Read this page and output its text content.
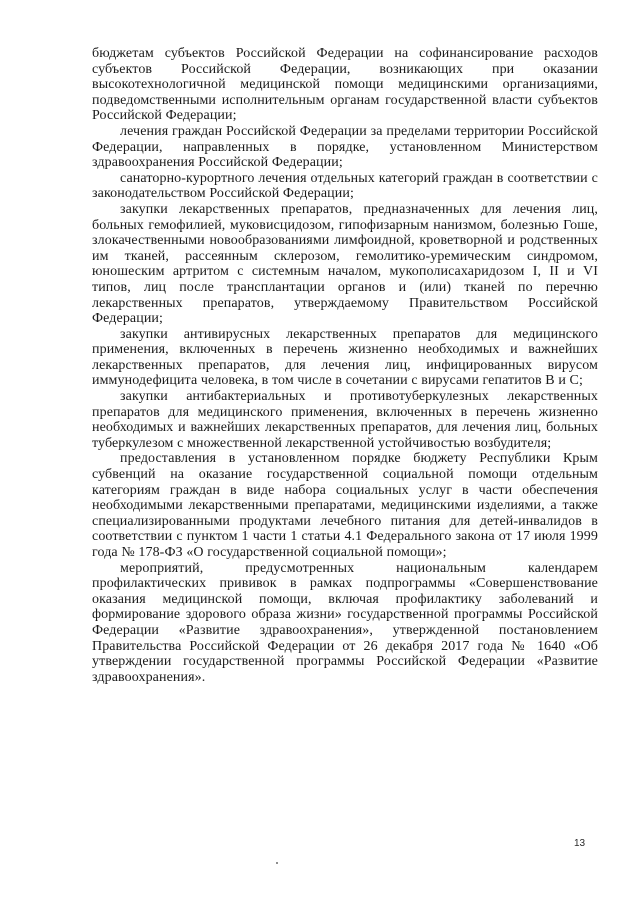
бюджетам субъектов Российской Федерации на софинансирование расходов субъектов Российской Федерации, возникающих при оказании высокотехнологичной медицинской помощи медицинскими организациями, подведомственными исполнительным органам государственной власти субъектов Российской Федерации;

лечения граждан Российской Федерации за пределами территории Российской Федерации, направленных в порядке, установленном Министерством здравоохранения Российской Федерации;

санаторно-курортного лечения отдельных категорий граждан в соответствии с законодательством Российской Федерации;

закупки лекарственных препаратов, предназначенных для лечения лиц, больных гемофилией, муковисцидозом, гипофизарным нанизмом, болезнью Гоше, злокачественными новообразованиями лимфоидной, кроветворной и родственных им тканей, рассеянным склерозом, гемолитико-уремическим синдромом, юношеским артритом с системным началом, мукополисахаридозом I, II и VI типов, лиц после трансплантации органов и (или) тканей по перечню лекарственных препаратов, утверждаемому Правительством Российской Федерации;

закупки антивирусных лекарственных препаратов для медицинского применения, включенных в перечень жизненно необходимых и важнейших лекарственных препаратов, для лечения лиц, инфицированных вирусом иммунодефицита человека, в том числе в сочетании с вирусами гепатитов В и С;

закупки антибактериальных и противотуберкулезных лекарственных препаратов для медицинского применения, включенных в перечень жизненно необходимых и важнейших лекарственных препаратов, для лечения лиц, больных туберкулезом с множественной лекарственной устойчивостью возбудителя;

предоставления в установленном порядке бюджету Республики Крым субвенций на оказание государственной социальной помощи отдельным категориям граждан в виде набора социальных услуг в части обеспечения необходимыми лекарственными препаратами, медицинскими изделиями, а также специализированными продуктами лечебного питания для детей-инвалидов в соответствии с пунктом 1 части 1 статьи 4.1 Федерального закона от 17 июля 1999 года № 178-ФЗ «О государственной социальной помощи»;

мероприятий, предусмотренных национальным календарем профилактических прививок в рамках подпрограммы «Совершенствование оказания медицинской помощи, включая профилактику заболеваний и формирование здорового образа жизни» государственной программы Российской Федерации «Развитие здравоохранения», утвержденной постановлением Правительства Российской Федерации от 26 декабря 2017 года № 1640 «Об утверждении государственной программы Российской Федерации «Развитие здравоохранения».

13
